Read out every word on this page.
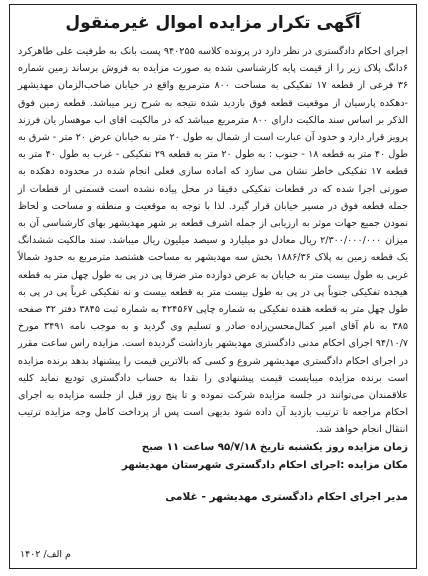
آگهی تکرار مزایده اموال غیرمنقول

اجرای احکام دادگستری در نظر دارد در پرونده کلاسه ۹۴۰۲۵۵ پست بانک به طرفیت علی طاهرکرد ۶دانگ پلاک زیر را از قیمت پایه کارشناسی شده به صورت مزایده به فروش برساند زمین شماره ۳۶ فرعی از قطعه ۱۷ تفکیکی به مساحت ۸۰۰ مترمربع واقع در خیابان صاحب‌الزمان مهدیشهر -دهکده پارسیان از موقعیت قطعه فوق بازدید شده نتیجه به شرح زیر میباشد. قطعه زمین فوق الذکر بر اساس سند مالکیت دارای ۸۰۰ مترمربع میباشد که در مالکیت اقای اب موهسار یان فرزند پرویز قرار دارد و حدود آن عبارت است از شمال به طول ۲۰ متر به خیابان عرض ۲۰ متر - شرق به طول ۴۰ متر به قطعه ۱۸ - جنوب : به طول ۲۰ متر به قطعه ۲۹ تفکیکی - غرب به طول ۴۰ متر به قطعه ۱۷ تفکیکی خاطر نشان می سازد که اماده سازی فعلی انجام شده در محدوده دهکده به صورتی اجرا شده که در قطعات تفکیکی دقیقا در محل پیاده نشده است قسمتی از قطعات از جمله قطعه فوق در مسیر خیابان قرار گیرد. لذا با توجه به موقعیت و منطقه و مساحت و لحاظ نمودن جمیع جهات موثر به ارزیابی از جمله اشرف قطعه بر شهر مهدیشهر بهای کارشناسی آن به میزان ۲/۳۰۰/۰۰۰/۰۰۰ ریال معادل دو میلیارد و سیصد میلیون ریال میباشد. سند مالکیت ششدانگ یک قطعه زمین به پلاک ۱۸۸۶/۳۶ بخش سه مهدیشهر به مساحت هشتصد مترمربع به حدود شمالاً غربی به طول بیست متر به خیابان به عرض دوازده متر ضرقا پی در پی به طول چهل متر به قطعه هیجده تفکیکی جنوباً پی در پی به طول بیست متر به قطعه بیست و نه تفکیکی غرباً پی در پی به طول چهل متر به قطعه هفده تفکیکی به شماره چاپی ۴۲۴۵۶۷ به شماره ثبت ۳۸۴۵ دفتر ۳۲ صفحه ۳۸۵ به نام آقای امیر کمال‌محسن‌زاده صادر و تسلیم وی گردید و به موجب نامه ۳۴۹۱ مورخ ۹۴/۱۰/۷ اجرای احکام مدنی دادگستری مهدیشهر بازداشت گردیده است. مزایده راس ساعت مقرر در اجرای احکام دادگستری مهدیشهر شروع و کسی که بالاترین قیمت را پیشنهاد بدهد برنده مزایده است برنده مزایده میبایست قیمت پیشنهادی را نقدا به حساب دادگستری تودیع نماید کلیه علاقمندان می‌توانند در جلسه مزایده شرکت نموده و تا پنج روز قبل از جلسه مزایده به اجرای احکام مراجعه تا ترتیب بازدید آن داده شود بدیهی است پس از پرداخت کامل وجه مزایده ترتیب انتقال انجام خواهد شد.

زمان مزایده روز یکشنبه تاریخ ۹۵/۷/۱۸ ساعت ۱۱ صبح

مکان مزایده :اجرای احکام دادگستری شهرستان مهدیشهر

مدیر اجرای احکام دادگستری مهدیشهر - غلامی

م الف/ ۱۴۰۲
